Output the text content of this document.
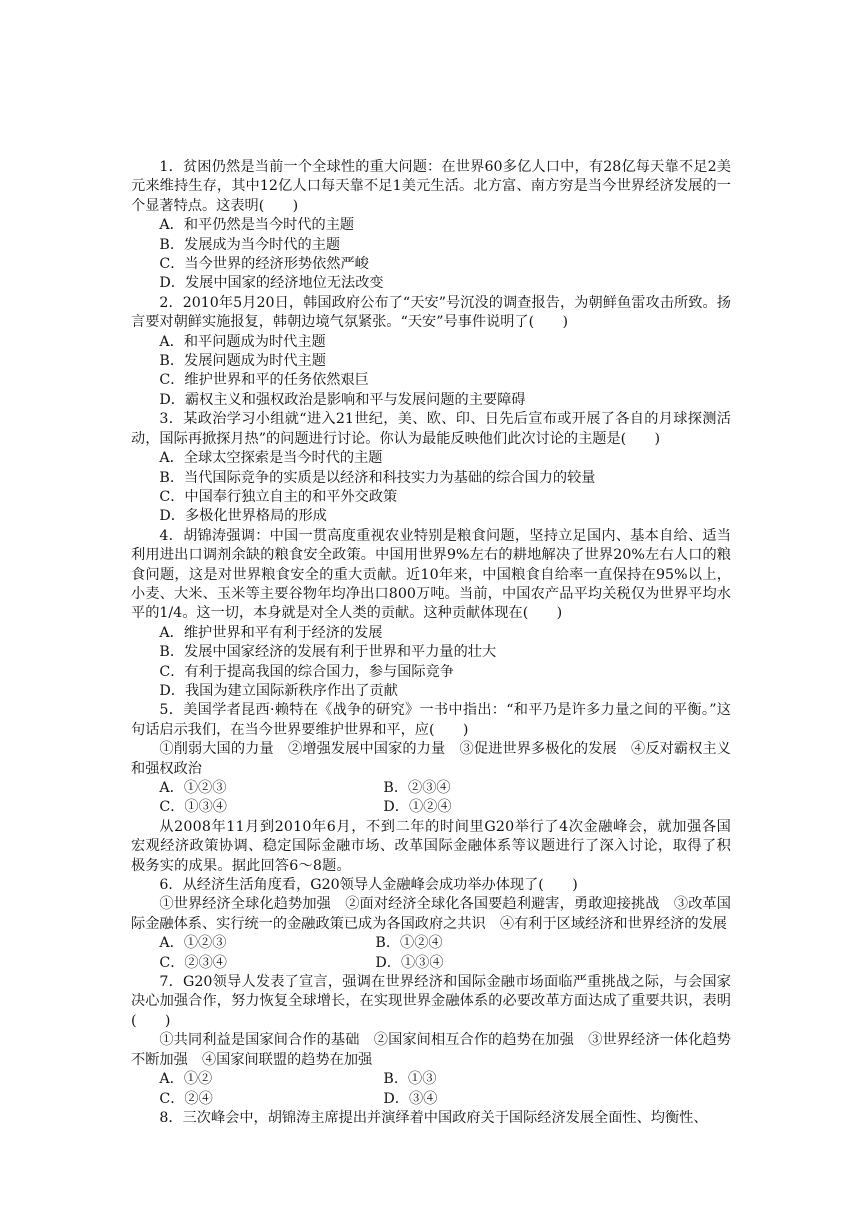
1．贫困仍然是当前一个全球性的重大问题：在世界60多亿人口中，有28亿每天靠不足2美元来维持生存，其中12亿人口每天靠不足1美元生活。北方富、南方穷是当今世界经济发展的一个显著特点。这表明(　　)

A．和平仍然是当今时代的主题

B．发展成为当今时代的主题

C．当今世界的经济形势依然严峻

D．发展中国家的经济地位无法改变

2．2010年5月20日，韩国政府公布了“天安”号沉没的调查报告，为朝鲜鱼雷攻击所致。扬言要对朝鲜实施报复，韩朝边境气氛紧张。“天安”号事件说明了(　　)

A．和平问题成为时代主题

B．发展问题成为时代主题

C．维护世界和平的任务依然艰巨

D．霸权主义和强权政治是影响和平与发展问题的主要障碍

3．某政治学习小组就“进入21世纪，美、欧、印、日先后宣布或开展了各自的月球探测活动，国际再掀探月热”的问题进行讨论。你认为最能反映他们此次讨论的主题是(　　)

A．全球太空探索是当今时代的主题

B．当代国际竞争的实质是以经济和科技实力为基础的综合国力的较量

C．中国奉行独立自主的和平外交政策

D．多极化世界格局的形成

4．胡锦涛强调：中国一贯高度重视农业特别是粮食问题，坚持立足国内、基本自给、适当利用进出口调剂余缺的粮食安全政策。中国用世界9%左右的耕地解决了世界20%左右人口的粮食问题，这是对世界粮食安全的重大贡献。近10年来，中国粮食自给率一直保持在95%以上，小麦、大米、玉米等主要谷物年均净出口800万吨。当前，中国农产品平均关税仅为世界平均水平的1/4。这一切，本身就是对全人类的贡献。这种贡献体现在(　　)

A．维护世界和平有利于经济的发展

B．发展中国家经济的发展有利于世界和平力量的壮大

C．有利于提高我国的综合国力，参与国际竞争

D．我国为建立国际新秩序作出了贡献

5．美国学者昆西·赖特在《战争的研究》一书中指出：“和平乃是许多力量之间的平衡。”这句话启示我们，在当今世界要维护世界和平，应(　　)

①削弱大国的力量　②增强发展中国家的力量　③促进世界多极化的发展　④反对霸权主义和强权政治

A．①②③	B．②③④
C．①③④	D．①②④

从2008年11月到2010年6月，不到二年的时间里G20举行了4次金融峰会，就加强各国宏观经济政策协调、稳定国际金融市场、改革国际金融体系等议题进行了深入讨论，取得了积极务实的成果。据此回答6～8题。

6．从经济生活角度看，G20领导人金融峰会成功举办体现了(　　)

①世界经济全球化趋势加强　②面对经济全球化各国要趋利避害，勇敢迎接挑战　③改革国际金融体系、实行统一的金融政策已成为各国政府之共识　④有利于区域经济和世界经济的发展

A．①②③	B．①②④
C．②③④	D．①③④

7．G20领导人发表了宣言，强调在世界经济和国际金融市场面临严重挑战之际，与会国家决心加强合作，努力恢复全球增长，在实现世界金融体系的必要改革方面达成了重要共识，表明(　　)

①共同利益是国家间合作的基础　②国家间相互合作的趋势在加强　③世界经济一体化趋势不断加强　④国家间联盟的趋势在加强

A．①②	B．①③
C．②④	D．③④

8．三次峰会中，胡锦涛主席提出并演绎着中国政府关于国际经济发展全面性、均衡性、
